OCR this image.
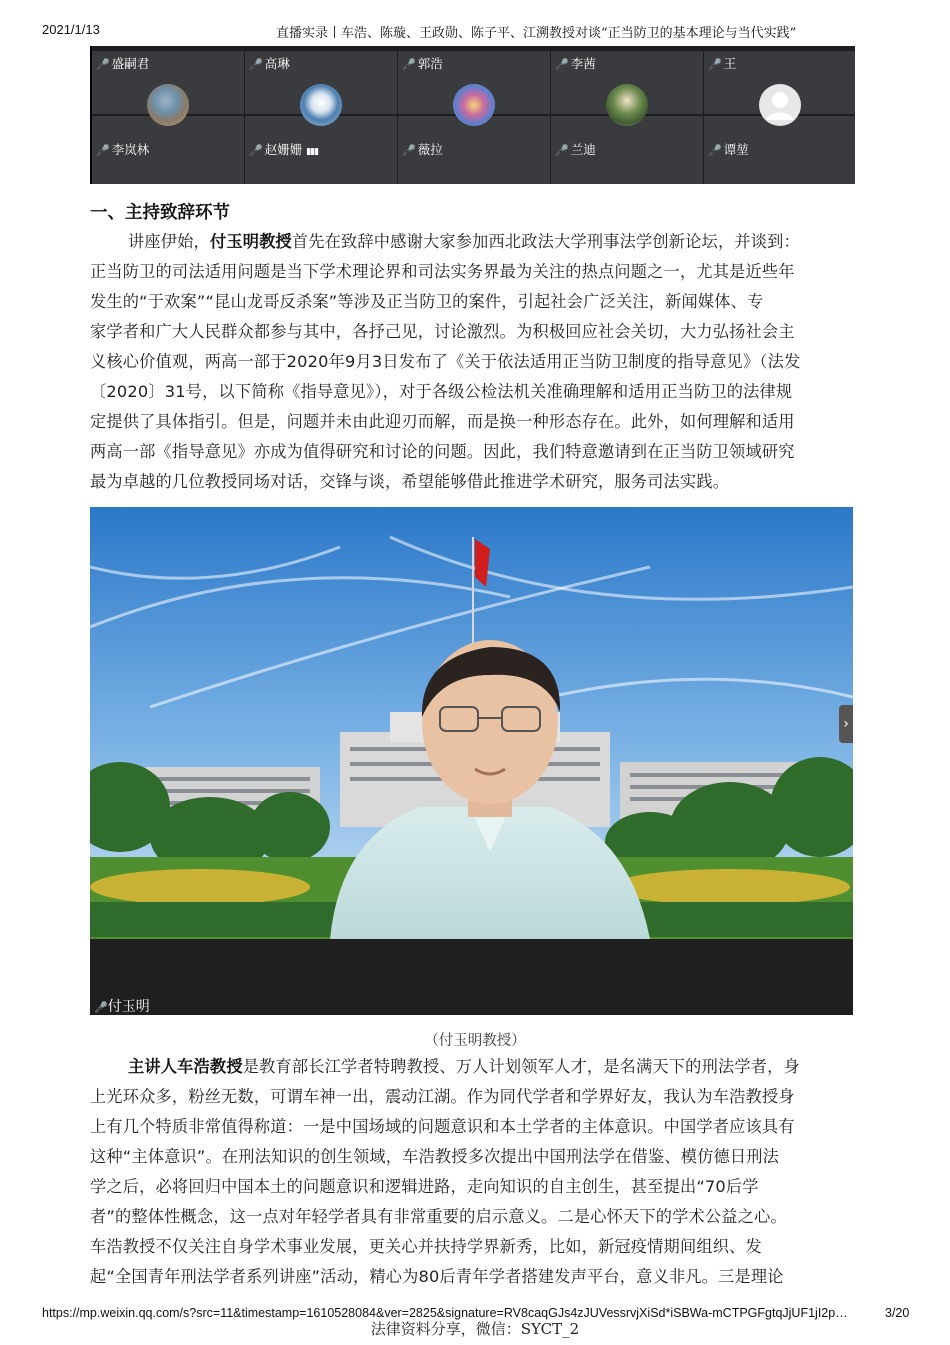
2021/1/13	直播实录丨车浩、陈璇、王政勋、陈子平、江溯教授对谈“正当防卫的基本理论与当代实践”
🎤 盛嗣君	🎤 高琳	🎤 郭浩	🎤 李茜	🎤 王
🎤 李岚林	🎤 赵姗姗 ▮▮▮	🎤 薇拉	🎤 兰迪	🎤 谭堃
一、主持致辞环节
讲座伊始，付玉明教授首先在致辞中感谢大家参加西北政法大学刑事法学创新论坛，并谈到：
正当防卫的司法适用问题是当下学术理论界和司法实务界最为关注的热点问题之一，尤其是近些年
发生的“于欢案”“昆山龙哥反杀案”等涉及正当防卫的案件，引起社会广泛关注，新闻媒体、专
家学者和广大人民群众都参与其中，各抒己见，讨论激烈。为积极回应社会关切，大力弘扬社会主
义核心价值观，两高一部于2020年9月3日发布了《关于依法适用正当防卫制度的指导意见》（法发
〔2020〕31号，以下简称《指导意见》），对于各级公检法机关准确理解和适用正当防卫的法律规
定提供了具体指引。但是，问题并未由此迎刃而解，而是换一种形态存在。此外，如何理解和适用
两高一部《指导意见》亦成为值得研究和讨论的问题。因此，我们特意邀请到在正当防卫领域研究
最为卓越的几位教授同场对话，交锋与谈，希望能够借此推进学术研究，服务司法实践。
›
🎤付玉明
（付玉明教授）
主讲人车浩教授是教育部长江学者特聘教授、万人计划领军人才，是名满天下的刑法学者，身
上光环众多，粉丝无数，可谓车神一出，震动江湖。作为同代学者和学界好友，我认为车浩教授身
上有几个特质非常值得称道：一是中国场域的问题意识和本土学者的主体意识。中国学者应该具有
这种“主体意识”。在刑法知识的创生领域，车浩教授多次提出中国刑法学在借鉴、模仿德日刑法
学之后，必将回归中国本土的问题意识和逻辑进路，走向知识的自主创生，甚至提出“70后学
者”的整体性概念，这一点对年轻学者具有非常重要的启示意义。二是心怀天下的学术公益之心。
车浩教授不仅关注自身学术事业发展，更关心并扶持学界新秀，比如，新冠疫情期间组织、发
起“全国青年刑法学者系列讲座”活动，精心为80后青年学者搭建发声平台，意义非凡。三是理论
https://mp.weixin.qq.com/s?src=11&timestamp=1610528084&ver=2825&signature=RV8caqGJs4zJUVessrvjXiSd*iSBWa-mCTPGFgtqJjUF1jI2p…	3/20
法律资料分享，微信：SYCT_2
